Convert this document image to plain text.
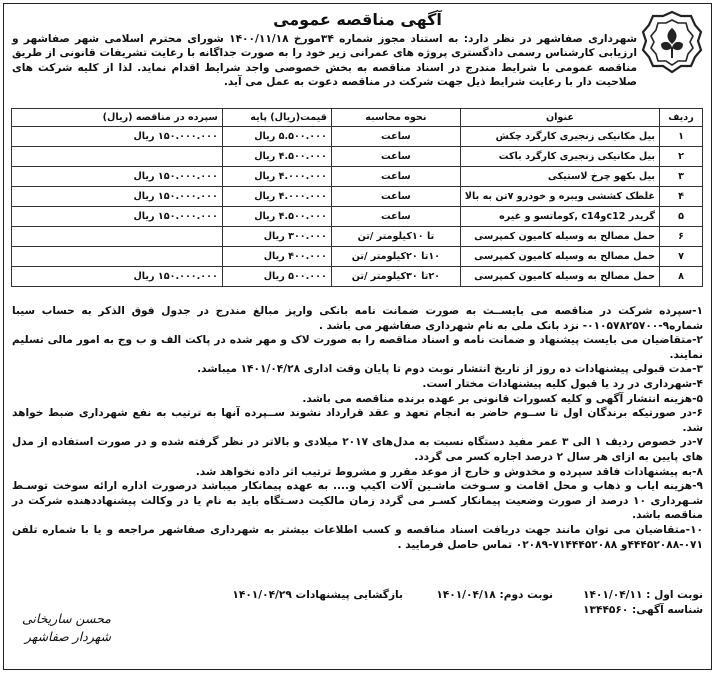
آگهی مناقصه عمومی
شهرداری صفاشهر در نظر دارد: به استناد مجوز شماره ۳۴مورخ ۱۴۰۰/۱۱/۱۸ شورای محترم اسلامی شهر صفاشهر و ارزیابی کارشناس رسمی دادگستری پروژه های عمرانی زیر خود را به صورت جداگانه با رعایت تشریفات قانونی از طریق مناقصه عمومی با شرایط مندرج در اسناد مناقصه به بخش خصوصی واجد شرایط اقدام نماید. لذا از کلیه شرکت های صلاحیت دار با رعایت شرایط ذیل جهت شرکت در مناقصه دعوت به عمل می آید.
ردیف	عنوان	نحوه محاسبه	قیمت(ریال) پایه	سپرده در مناقصه (ریال)
۱	بیل مکانیکی زنجیری کارگرد چکش	ساعت	۵.۵۰۰.۰۰۰ ریال	۱۵۰.۰۰۰.۰۰۰ ریال
۲	بیل مکانیکی زنجیری کارگرد باکت	ساعت	۴.۵۰۰.۰۰۰ ریال	
۳	بیل بکهو چرخ لاستیکی	ساعت	۴.۰۰۰.۰۰۰ ریال	۱۵۰.۰۰۰.۰۰۰ ریال
۴	غلطک کششی ویبره و خودرو ۷تن به بالا	ساعت	۴.۰۰۰.۰۰۰ ریال	۱۵۰.۰۰۰.۰۰۰ ریال
۵	گریدر c12وc14 ,کوماتسو و غیره	ساعت	۴.۵۰۰.۰۰۰ ریال	۱۵۰.۰۰۰.۰۰۰ ریال
۶	حمل مصالح به وسیله کامیون کمپرسی	تا ۱۰کیلومتر /تن	۳۰۰.۰۰۰ ریال	
۷	حمل مصالح به وسیله کامیون کمپرسی	۱۰تا ۲۰کیلومتر /تن	۴۰۰.۰۰۰ ریال	
۸	حمل مصالح به وسیله کامیون کمپرسی	۲۰تا ۳۰کیلومتر /تن	۵۰۰.۰۰۰ ریال	۱۵۰.۰۰۰.۰۰۰ ریال

۱-سپرده شرکت در مناقصه می بایســت به صورت ضمانت نامه بانکی وارپز مبالغ مندرج در جدول فوق الذکر به حساب سیبا شماره۹-۰۱۰۵۷۸۲۵۷۰۰- نزد بانک ملی به نام شهرداری صفاشهر می باشد .

۲-متقاضیان می بایست پیشنهاد و ضمانت نامه و اسناد مناقصه را به صورت لاک و مهر شده در پاکت الف و ب وج به امور مالی تسلیم نمایند.

۳-مدت قبولی پیشنهادات ده روز از تاریخ انتشار نوبت دوم تا پایان وقت اداری ۱۴۰۱/۰۴/۲۸ میباشد.

۴-شهرداری در رد یا قبول کلیه پیشنهادات مختار است.

۵-هزینه انتشار آگهی و کلیه کسورات قانونی بر عهده برنده مناقصه می باشد.

۶-در صورتیکه برندگان اول تا ســوم حاضر به انجام تعهد و عقد قرارداد نشوند ســپرده آنها به ترتیب به نفع شهرداری ضبط خواهد شد.

۷-در خصوص ردیف ۱ الی ۳ عمر مفید دستگاه نسبت به مدل‌های ۲۰۱۷ میلادی و بالاتر در نظر گرفته شده و در صورت استفاده از مدل های پایین به ازای هر سال ۲ درصد اجاره کسر می گردد.

۸-به پیشنهادات فاقد سپرده و مخدوش و خارج از موعد مقرر و مشروط ترتیب اثر داده نخواهد شد.

۹-هزینه ایاب و ذهاب و محل اقامت و سـوخت ماشـین آلات اکیپ و.... به عهده پیمانکار میباشد درصورت اداره ارائه سوخت توسـط شـهرداری ۱۰ درصد از صورت وضعیت پیمانکار کسـر می گردد زمان مالکیت دسـتگاه باید به نام یا در وکالت پیشنهاددهنده شرکت در مناقصه باشد.

۱۰-متقاضیان می توان مانند جهت دریافت اسناد مناقصه و کسب اطلاعات بیشتر به شهرداری صفاشهر مراجعه و یا با شماره تلفن ۰۷۱-۴۴۴۵۲۰۸۸و ۷۱۴۴۴۵۲۰۸۸-۰۲۰۸۹ تماس حاصل فرمایید .

نوبت اول : ۱۴۰۱/۰۴/۱۱
نوبت دوم: ۱۴۰۱/۰۴/۱۸
بازگشایی پیشنهادات ۱۴۰۱/۰۴/۲۹
شناسه آگهی: ۱۳۴۴۵۶۰
محسن ساریخانی
شهردار صفاشهر
